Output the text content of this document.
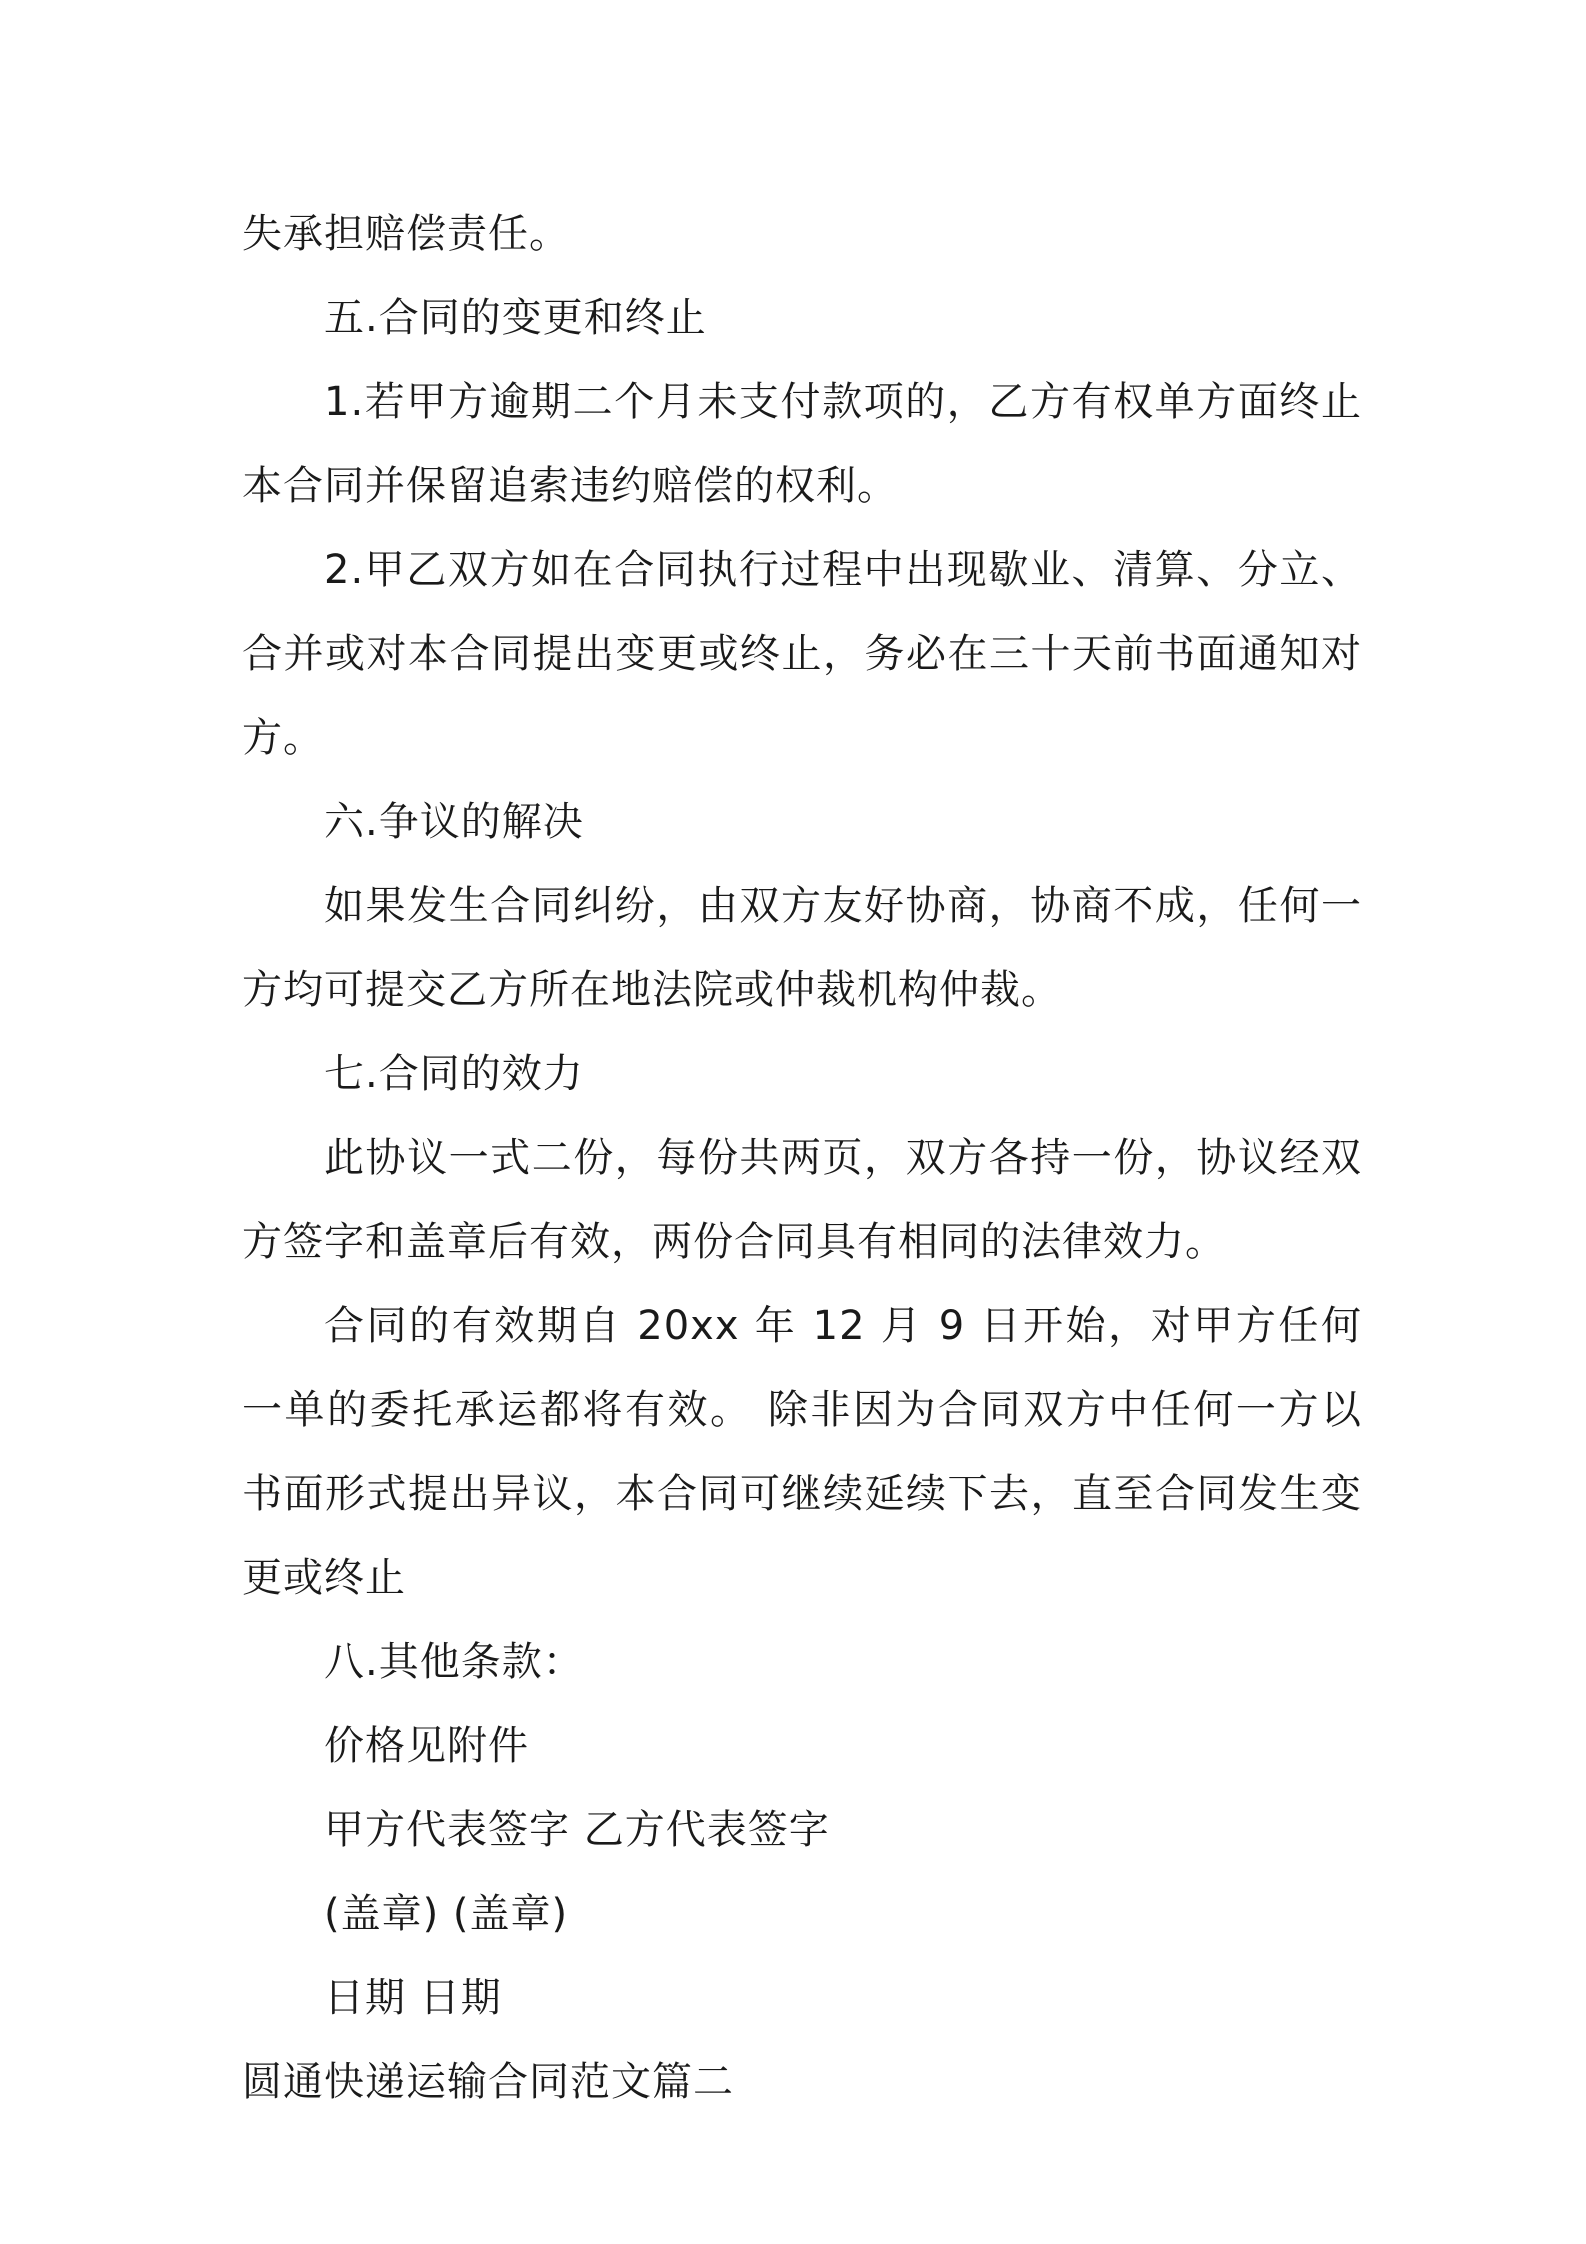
失承担赔偿责任。

五.合同的变更和终止

1.若甲方逾期二个月未支付款项的，乙方有权单方面终止本合同并保留追索违约赔偿的权利。

2.甲乙双方如在合同执行过程中出现歇业、清算、分立、合并或对本合同提出变更或终止，务必在三十天前书面通知对方。

六.争议的解决

如果发生合同纠纷，由双方友好协商，协商不成，任何一方均可提交乙方所在地法院或仲裁机构仲裁。

七.合同的效力

此协议一式二份，每份共两页，双方各持一份，协议经双方签字和盖章后有效，两份合同具有相同的法律效力。

合同的有效期自 20xx 年 12 月 9 日开始，对甲方任何一单的委托承运都将有效。 除非因为合同双方中任何一方以书面形式提出异议，本合同可继续延续下去，直至合同发生变更或终止

八.其他条款：

价格见附件

甲方代表签字 乙方代表签字

(盖章) (盖章)

日期 日期

圆通快递运输合同范文篇二
